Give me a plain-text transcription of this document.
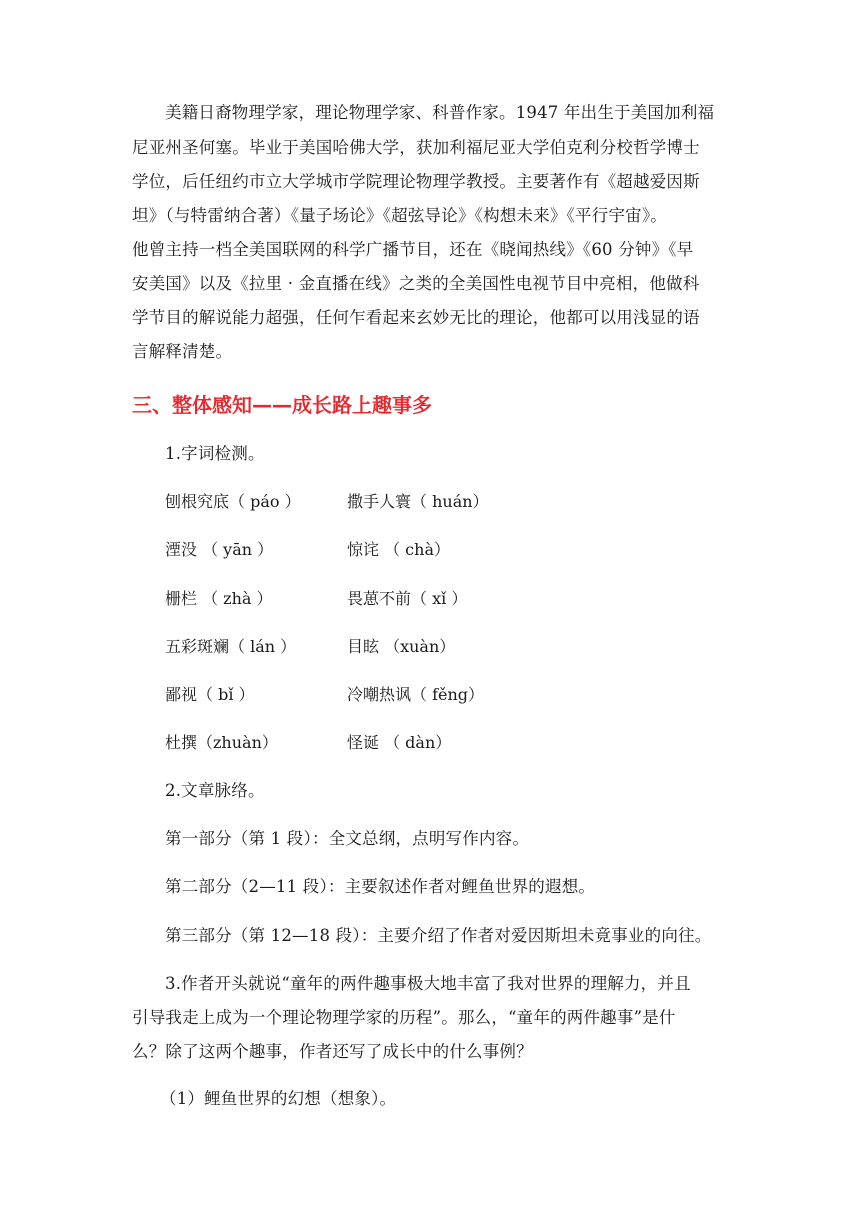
美籍日裔物理学家，理论物理学家、科普作家。1947 年出生于美国加利福
尼亚州圣何塞。毕业于美国哈佛大学，获加利福尼亚大学伯克利分校哲学博士
学位，后任纽约市立大学城市学院理论物理学教授。主要著作有《超越爱因斯
坦》（与特雷纳合著）《量子场论》《超弦导论》《构想未来》《平行宇宙》。
他曾主持一档全美国联网的科学广播节目，还在《晓闻热线》《60 分钟》《早
安美国》以及《拉里 · 金直播在线》之类的全美国性电视节目中亮相，他做科
学节目的解说能力超强，任何乍看起来玄妙无比的理论，他都可以用浅显的语
言解释清楚。
三、整体感知——成长路上趣事多
1.字词检测。
刨根究底（ páo ）	撒手人寰（ huán）
湮没 （ yān ）	惊诧 （ chà）
栅栏 （ zhà ）	畏葸不前（ xǐ ）
五彩斑斓（ lán ）	目眩 （xuàn）
鄙视（ bǐ ）	冷嘲热讽（ fěng）
杜撰（zhuàn）	怪诞 （ dàn）
2.文章脉络。
第一部分（第 1 段）：全文总纲，点明写作内容。
第二部分（2—11 段）：主要叙述作者对鲤鱼世界的遐想。
第三部分（第 12—18 段）：主要介绍了作者对爱因斯坦未竟事业的向往。
3.作者开头就说“童年的两件趣事极大地丰富了我对世界的理解力，并且
引导我走上成为一个理论物理学家的历程”。那么，“童年的两件趣事”是什
么？除了这两个趣事，作者还写了成长中的什么事例？
（1）鲤鱼世界的幻想（想象）。
